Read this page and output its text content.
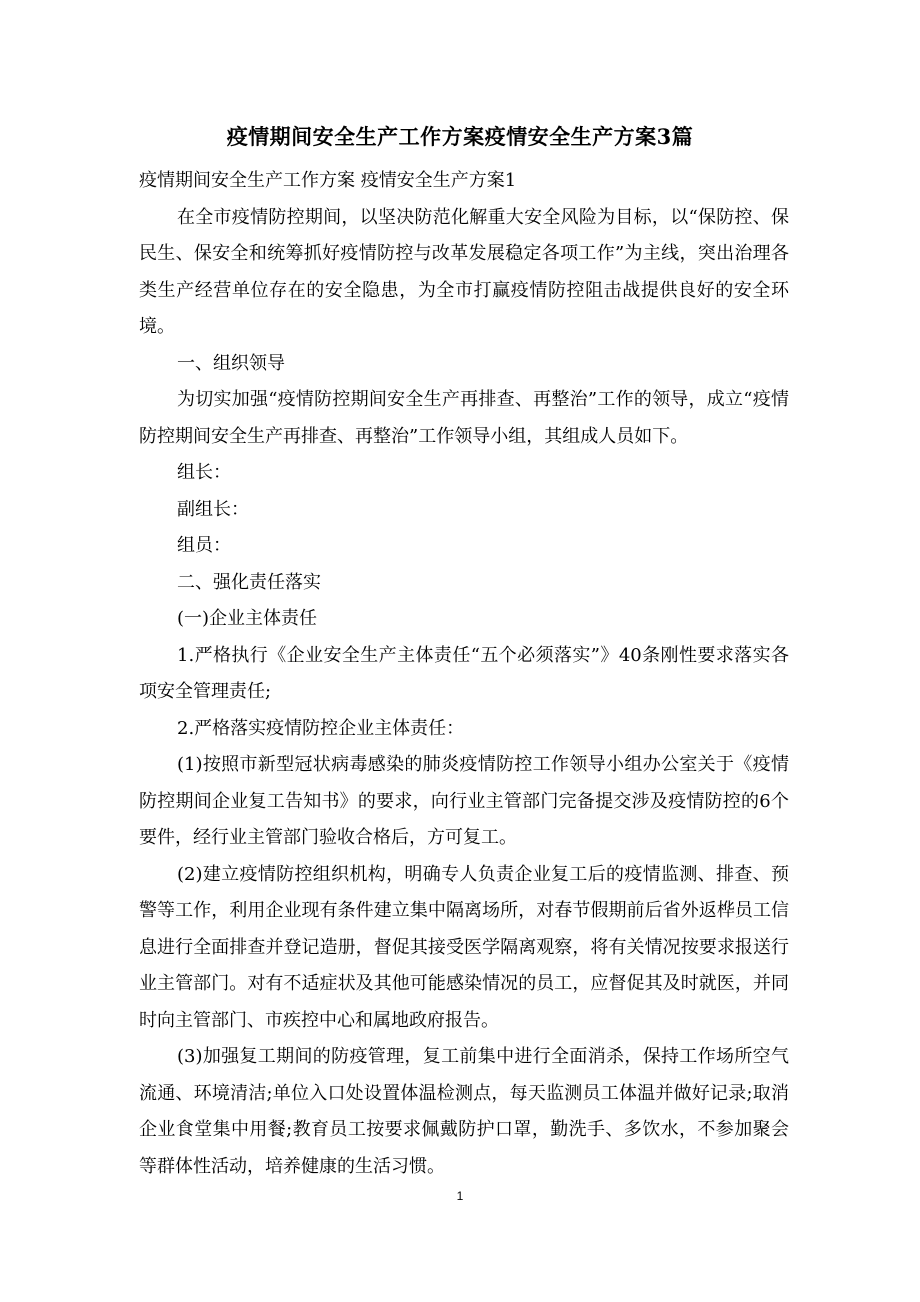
疫情期间安全生产工作方案疫情安全生产方案3篇

疫情期间安全生产工作方案 疫情安全生产方案1

在全市疫情防控期间，以坚决防范化解重大安全风险为目标，以“保防控、保民生、保安全和统筹抓好疫情防控与改革发展稳定各项工作”为主线，突出治理各类生产经营单位存在的安全隐患，为全市打赢疫情防控阻击战提供良好的安全环境。

一、组织领导

为切实加强“疫情防控期间安全生产再排查、再整治”工作的领导，成立“疫情防控期间安全生产再排查、再整治”工作领导小组，其组成人员如下。

组长：

副组长：

组员：

二、强化责任落实

(一)企业主体责任

1.严格执行《企业安全生产主体责任“五个必须落实”》40条刚性要求落实各项安全管理责任;

2.严格落实疫情防控企业主体责任：

(1)按照市新型冠状病毒感染的肺炎疫情防控工作领导小组办公室关于《疫情防控期间企业复工告知书》的要求，向行业主管部门完备提交涉及疫情防控的6个要件，经行业主管部门验收合格后，方可复工。

(2)建立疫情防控组织机构，明确专人负责企业复工后的疫情监测、排查、预警等工作，利用企业现有条件建立集中隔离场所，对春节假期前后省外返桦员工信息进行全面排查并登记造册，督促其接受医学隔离观察，将有关情况按要求报送行业主管部门。对有不适症状及其他可能感染情况的员工，应督促其及时就医，并同时向主管部门、市疾控中心和属地政府报告。

(3)加强复工期间的防疫管理，复工前集中进行全面消杀，保持工作场所空气流通、环境清洁;单位入口处设置体温检测点，每天监测员工体温并做好记录;取消企业食堂集中用餐;教育员工按要求佩戴防护口罩，勤洗手、多饮水，不参加聚会等群体性活动，培养健康的生活习惯。

1
